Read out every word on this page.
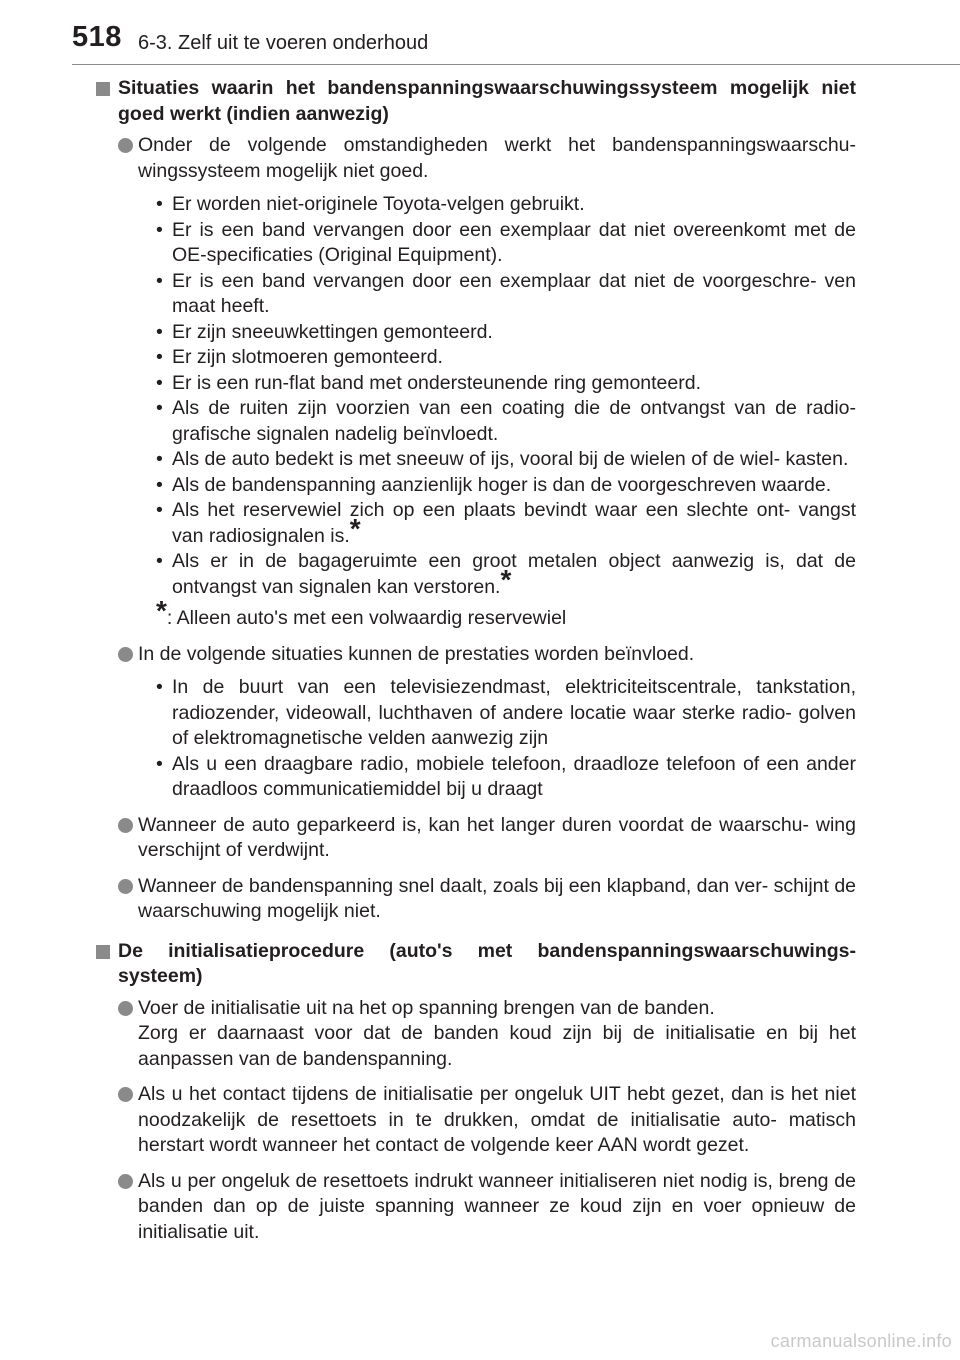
518 6-3. Zelf uit te voeren onderhoud
Situaties waarin het bandenspanningswaarschuwingssysteem mogelijk niet goed werkt (indien aanwezig)
Onder de volgende omstandigheden werkt het bandenspanningswaarschu- wingssysteem mogelijk niet goed.
• Er worden niet-originele Toyota-velgen gebruikt.
• Er is een band vervangen door een exemplaar dat niet overeenkomt met de OE-specificaties (Original Equipment).
• Er is een band vervangen door een exemplaar dat niet de voorgeschre- ven maat heeft.
• Er zijn sneeuwkettingen gemonteerd.
• Er zijn slotmoeren gemonteerd.
• Er is een run-flat band met ondersteunende ring gemonteerd.
• Als de ruiten zijn voorzien van een coating die de ontvangst van de radio- grafische signalen nadelig beïnvloedt.
• Als de auto bedekt is met sneeuw of ijs, vooral bij de wielen of de wiel- kasten.
• Als de bandenspanning aanzienlijk hoger is dan de voorgeschreven waarde.
• Als het reservewiel zich op een plaats bevindt waar een slechte ont- vangst van radiosignalen is.*
• Als er in de bagageruimte een groot metalen object aanwezig is, dat de ontvangst van signalen kan verstoren.*
*: Alleen auto's met een volwaardig reservewiel
In de volgende situaties kunnen de prestaties worden beïnvloed.
• In de buurt van een televisiezendmast, elektriciteitscentrale, tankstation, radiozender, videowall, luchthaven of andere locatie waar sterke radio- golven of elektromagnetische velden aanwezig zijn
• Als u een draagbare radio, mobiele telefoon, draadloze telefoon of een ander draadloos communicatiemiddel bij u draagt
Wanneer de auto geparkeerd is, kan het langer duren voordat de waarschu- wing verschijnt of verdwijnt.
Wanneer de bandenspanning snel daalt, zoals bij een klapband, dan ver- schijnt de waarschuwing mogelijk niet.
De initialisatieprocedure (auto's met bandenspanningswaarschuwings- systeem)
Voer de initialisatie uit na het op spanning brengen van de banden.
Zorg er daarnaast voor dat de banden koud zijn bij de initialisatie en bij het aanpassen van de bandenspanning.
Als u het contact tijdens de initialisatie per ongeluk UIT hebt gezet, dan is het niet noodzakelijk de resettoets in te drukken, omdat de initialisatie auto- matisch herstart wordt wanneer het contact de volgende keer AAN wordt gezet.
Als u per ongeluk de resettoets indrukt wanneer initialiseren niet nodig is, breng de banden dan op de juiste spanning wanneer ze koud zijn en voer opnieuw de initialisatie uit.
carmanualsonline.info
